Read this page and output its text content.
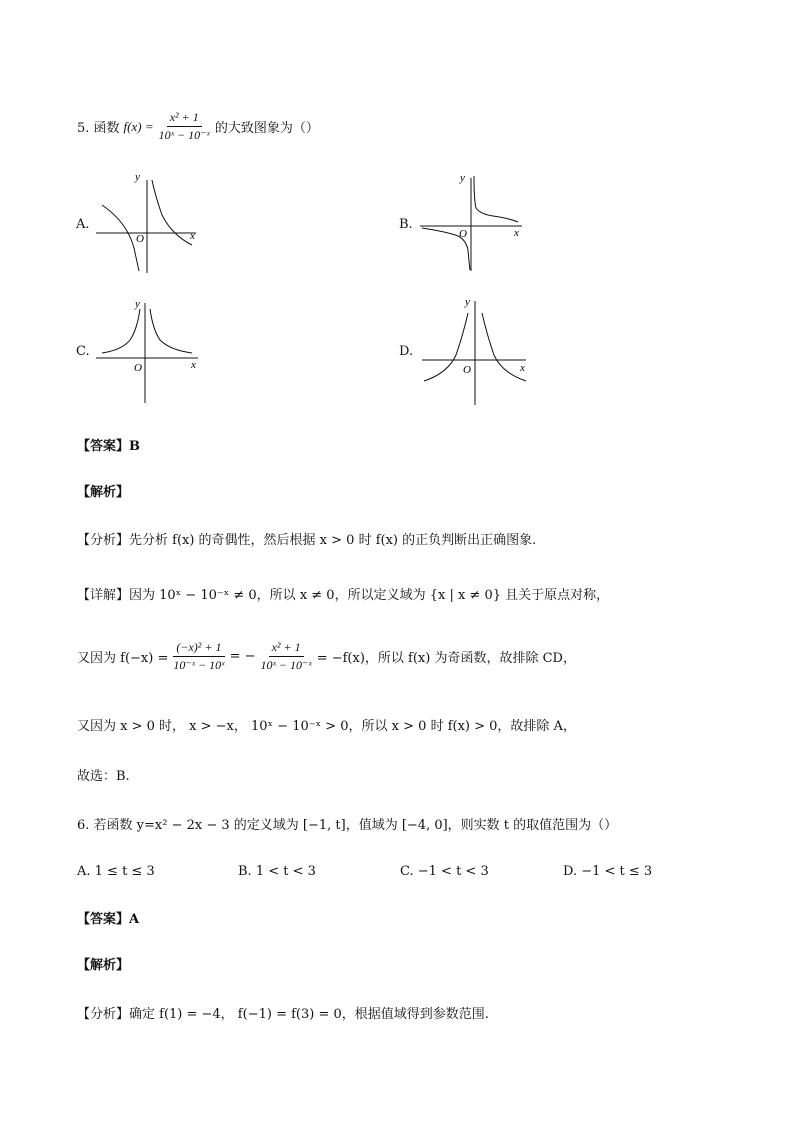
5. 函数 $f(x) = \frac{\text{x² + 1}}{\text{10ˣ − 10⁻ˣ}}$ 的大致图象为（）
A.	B.
C.	D.
y
x
O
y
x
O
y
x
O
y
x
O
【答案】B
【解析】
【分析】先分析 f(x) 的奇偶性，然后根据 x > 0 时 f(x) 的正负判断出正确图象.
【详解】因为 10ˣ − 10⁻ˣ ≠ 0，所以 x ≠ 0，所以定义域为 {x | x ≠ 0} 且关于原点对称，
又因为 $f(-x) = \frac{\text{(−x)² + 1}}{\text{10⁻ˣ − 10ˣ}}$ = − $\frac{\text{x² + 1}}{\text{10ˣ − 10⁻ˣ}} = -f(x)$，所以 f(x) 为奇函数，故排除 CD，
又因为 x > 0 时， x > −x， 10ˣ − 10⁻ˣ > 0，所以 x > 0 时 f(x) > 0，故排除 A，
故选：B.
6. 若函数 y=x² − 2x − 3 的定义域为 [−1, t]，值域为 [−4, 0]，则实数 t 的取值范围为（）
A. 1 ≤ t ≤ 3	B. 1 < t < 3	C. −1 < t < 3	D. −1 < t ≤ 3
【答案】A
【解析】
【分析】确定 f(1) = −4， f(−1) = f(3) = 0，根据值域得到参数范围.
